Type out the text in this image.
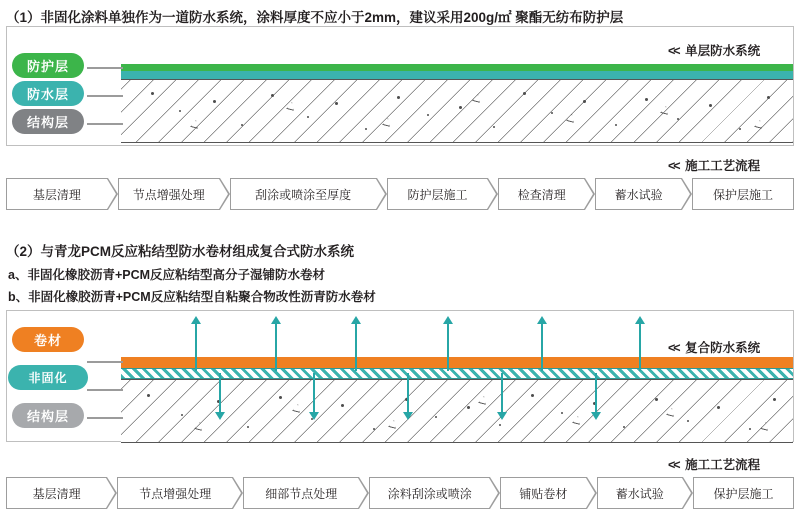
（1）非固化涂料单独作为一道防水系统，涂料厚度不应小于2mm，建议采用200g/㎡ 聚酯无纺布防护层
防护层
防水层
结构层
<< 单层防水系统
<< 施工工艺流程
基层清理	节点增强处理	刮涂或喷涂至厚度	防护层施工	检查清理	蓄水试验	保护层施工
（2）与青龙PCM反应粘结型防水卷材组成复合式防水系统
a、非固化橡胶沥青+PCM反应粘结型高分子湿铺防水卷材
b、非固化橡胶沥青+PCM反应粘结型自粘聚合物改性沥青防水卷材
卷材
非固化
结构层
<< 复合防水系统
<< 施工工艺流程
基层清理	节点增强处理	细部节点处理	涂料刮涂或喷涂	铺贴卷材	蓄水试验	保护层施工
